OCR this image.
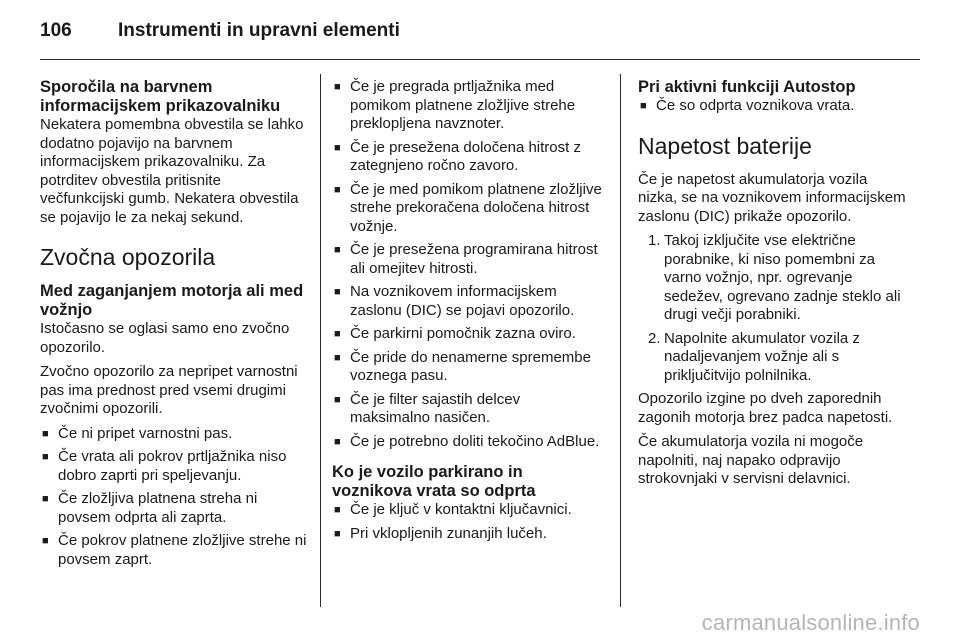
106	Instrumenti in upravni elementi
Sporočila na barvnem informacijskem prikazovalniku

Nekatera pomembna obvestila se lahko dodatno pojavijo na barvnem informacijskem prikazovalniku. Za potrditev obvestila pritisnite večfunkcijski gumb. Nekatera obvestila se pojavijo le za nekaj sekund.

Zvočna opozorila
Med zaganjanjem motorja ali med vožnjo

Istočasno se oglasi samo eno zvočno opozorilo.

Zvočno opozorilo za nepripet varnostni pas ima prednost pred vsemi drugimi zvočnimi opozorili.

■ Če ni pripet varnostni pas.
■ Če vrata ali pokrov prtljažnika niso dobro zaprti pri speljevanju.
■ Če zložljiva platnena streha ni povsem odprta ali zaprta.
■ Če pokrov platnene zložljive strehe ni povsem zaprt.
■ Če je pregrada prtljažnika med pomikom platnene zložljive strehe preklopljena navznoter.
■ Če je presežena določena hitrost z zategnjeno ročno zavoro.
■ Če je med pomikom platnene zložljive strehe prekoračena določena hitrost vožnje.
■ Če je presežena programirana hitrost ali omejitev hitrosti.
■ Na voznikovem informacijskem zaslonu (DIC) se pojavi opozorilo.
■ Če parkirni pomočnik zazna oviro.
■ Če pride do nenamerne spremembe voznega pasu.
■ Če je filter sajastih delcev maksimalno nasičen.
■ Če je potrebno doliti tekočino AdBlue.
Ko je vozilo parkirano in voznikova vrata so odprta
■ Če je ključ v kontaktni ključavnici.
■ Pri vklopljenih zunanjih lučeh.
Pri aktivni funkciji Autostop
■ Če so odprta voznikova vrata.
Napetost baterije

Če je napetost akumulatorja vozila nizka, se na voznikovem informacijskem zaslonu (DIC) prikaže opozorilo.

1. Takoj izključite vse električne porabnike, ki niso pomembni za varno vožnjo, npr. ogrevanje sedežev, ogrevano zadnje steklo ali drugi večji porabniki.
2. Napolnite akumulator vozila z nadaljevanjem vožnje ali s priključitvijo polnilnika.

Opozorilo izgine po dveh zaporednih zagonih motorja brez padca napetosti.

Če akumulatorja vozila ni mogoče napolniti, naj napako odpravijo strokovnjaki v servisni delavnici.

carmanualsonline.info
